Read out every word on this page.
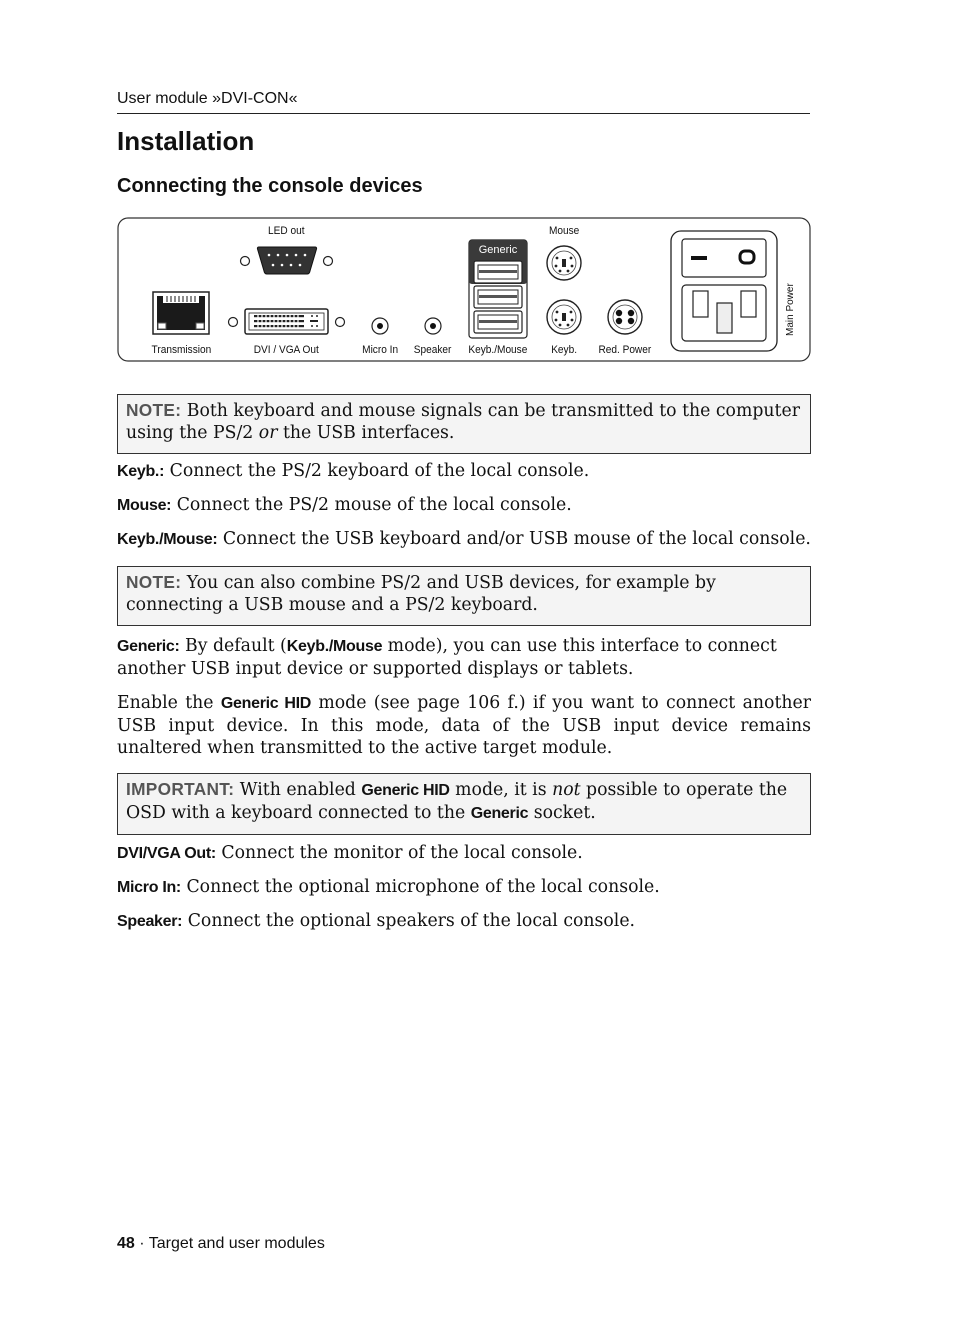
User module »DVI-CON«
Installation
Connecting the console devices
LED out	Mouse
Transmission	DVI / VGA Out	Micro In Speaker Keyb./Mouse Keyb. Red. Power
Generic
Main Power
NOTE: Both keyboard and mouse signals can be transmitted to the computer using the PS/2 or the USB interfaces.

Keyb.: Connect the PS/2 keyboard of the local console.

Mouse: Connect the PS/2 mouse of the local console.

Keyb./Mouse: Connect the USB keyboard and/or USB mouse of the local console.

NOTE: You can also combine PS/2 and USB devices, for example by connecting a USB mouse and a PS/2 keyboard.

Generic: By default (Keyb./Mouse mode), you can use this interface to connect another USB input device or supported displays or tablets.

Enable the Generic HID mode (see page 106 f.) if you want to connect another USB input device. In this mode, data of the USB input device remains unaltered when transmitted to the active target module.

IMPORTANT: With enabled Generic HID mode, it is not possible to operate the OSD with a keyboard connected to the Generic socket.

DVI/VGA Out: Connect the monitor of the local console.

Micro In: Connect the optional microphone of the local console.

Speaker: Connect the optional speakers of the local console.

48 · Target and user modules
